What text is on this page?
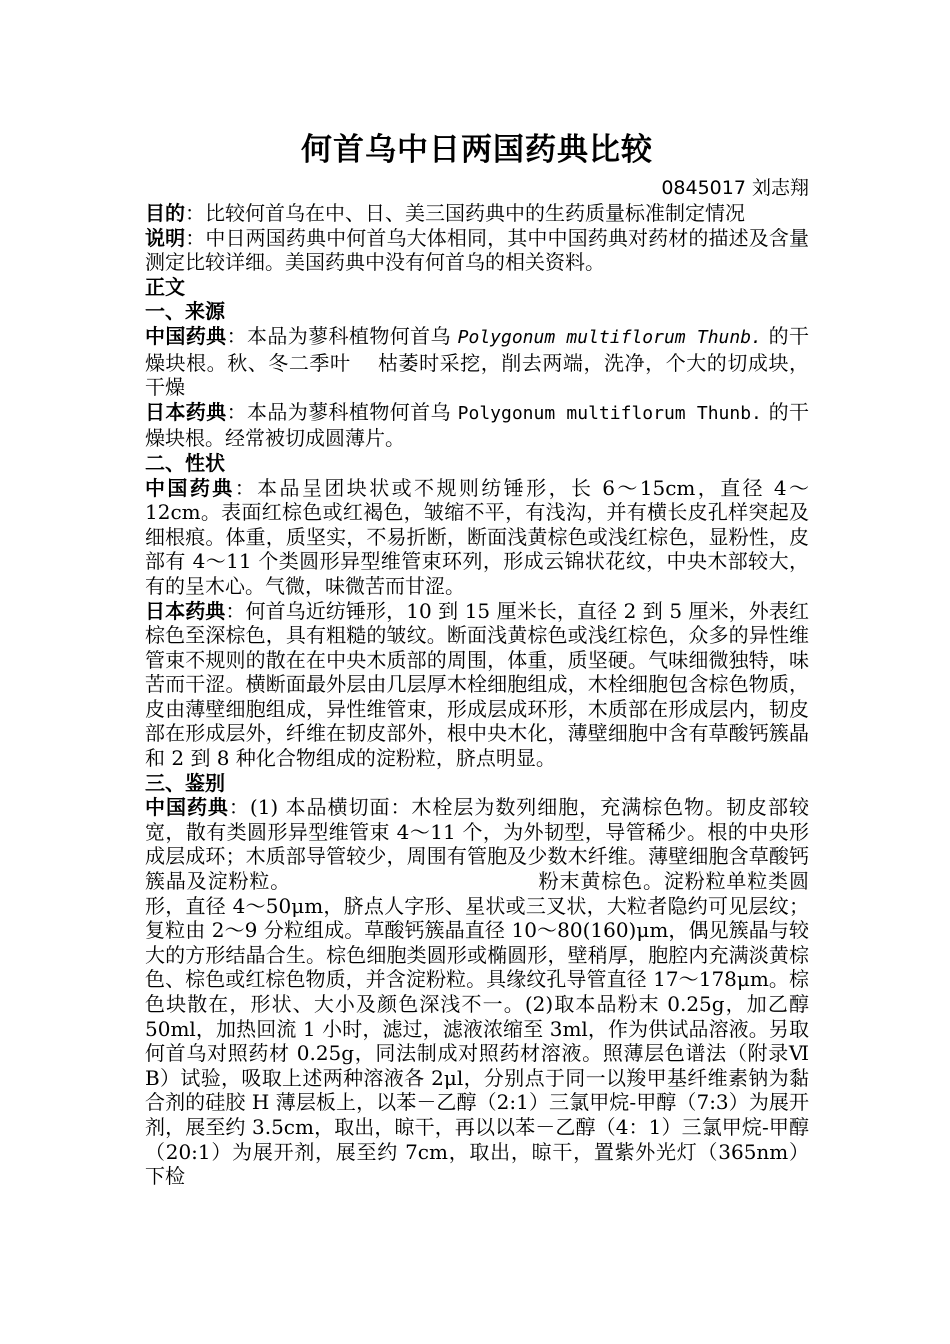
何首乌中日两国药典比较
0845017 刘志翔

目的：比较何首乌在中、日、美三国药典中的生药质量标准制定情况

说明：中日两国药典中何首乌大体相同，其中中国药典对药材的描述及含量测定比较详细。美国药典中没有何首乌的相关资料。

正文

一、来源

中国药典：本品为蓼科植物何首乌 Polygonum multiflorum Thunb. 的干燥块根。秋、冬二季叶　 枯萎时采挖，削去两端，洗净，个大的切成块，干燥

日本药典：本品为蓼科植物何首乌 Polygonum multiflorum Thunb. 的干燥块根。经常被切成圆薄片。

二、性状

中国药典：本品呈团块状或不规则纺锤形，长 6～15cm，直径 4～12cm。表面红棕色或红褐色，皱缩不平，有浅沟，并有横长皮孔样突起及细根痕。体重，质坚实，不易折断，断面浅黄棕色或浅红棕色，显粉性，皮部有 4～11 个类圆形异型维管束环列，形成云锦状花纹，中央木部较大，有的呈木心。气微，味微苦而甘涩。

日本药典：何首乌近纺锤形，10 到 15 厘米长，直径 2 到 5 厘米，外表红棕色至深棕色，具有粗糙的皱纹。断面浅黄棕色或浅红棕色，众多的异性维管束不规则的散在在中央木质部的周围，体重，质坚硬。气味细微独特，味苦而干涩。横断面最外层由几层厚木栓细胞组成，木栓细胞包含棕色物质，皮由薄壁细胞组成，异性维管束，形成层成环形，木质部在形成层内，韧皮部在形成层外，纤维在韧皮部外，根中央木化，薄壁细胞中含有草酸钙簇晶和 2 到 8 种化合物组成的淀粉粒，脐点明显。

三、鉴别

中国药典：(1) 本品横切面：木栓层为数列细胞，充满棕色物。韧皮部较宽，散有类圆形异型维管束 4～11 个，为外韧型，导管稀少。根的中央形成层成环；木质部导管较少，周围有管胞及少数木纤维。薄壁细胞含草酸钙簇晶及淀粉粒。　　　　　　　　　　　　 粉末黄棕色。淀粉粒单粒类圆形，直径 4～50μm，脐点人字形、星状或三叉状，大粒者隐约可见层纹；复粒由 2～9 分粒组成。草酸钙簇晶直径 10～80(160)μm，偶见簇晶与较大的方形结晶合生。棕色细胞类圆形或椭圆形，壁稍厚，胞腔内充满淡黄棕色、棕色或红棕色物质，并含淀粉粒。具缘纹孔导管直径 17～178μm。棕色块散在，形状、大小及颜色深浅不一。(2)取本品粉末 0.25g，加乙醇 50ml，加热回流 1 小时，滤过，滤液浓缩至 3ml，作为供试品溶液。另取何首乌对照药材 0.25g，同法制成对照药材溶液。照薄层色谱法（附录Ⅵ B）试验，吸取上述两种溶液各 2μl，分别点于同一以羧甲基纤维素钠为黏合剂的硅胶 H 薄层板上，以苯－乙醇（2:1）三氯甲烷-甲醇（7:3）为展开剂，展至约 3.5cm，取出，晾干，再以以苯－乙醇（4：1）三氯甲烷-甲醇（20:1）为展开剂，展至约 7cm，取出，晾干，置紫外光灯（365nm）下检
